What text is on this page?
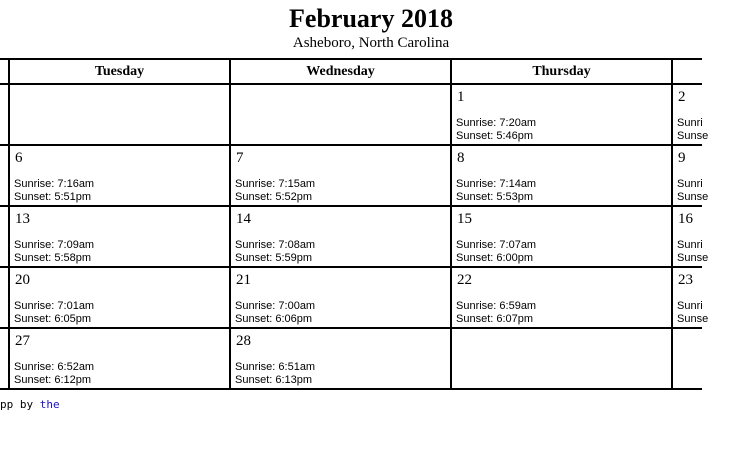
February 2018
Asheboro, North Carolina
Tuesday	Wednesday	Thursday
1
Sunrise: 7:20am
Sunset: 5:46pm
2
Sunri
Sunse
6
Sunrise: 7:16am
Sunset: 5:51pm
7
Sunrise: 7:15am
Sunset: 5:52pm
8
Sunrise: 7:14am
Sunset: 5:53pm
9
Sunri
Sunse
13
Sunrise: 7:09am
Sunset: 5:58pm
14
Sunrise: 7:08am
Sunset: 5:59pm
15
Sunrise: 7:07am
Sunset: 6:00pm
16
Sunri
Sunse
20
Sunrise: 7:01am
Sunset: 6:05pm
21
Sunrise: 7:00am
Sunset: 6:06pm
22
Sunrise: 6:59am
Sunset: 6:07pm
23
Sunri
Sunse
27
Sunrise: 6:52am
Sunset: 6:12pm
28
Sunrise: 6:51am
Sunset: 6:13pm
pp by the
